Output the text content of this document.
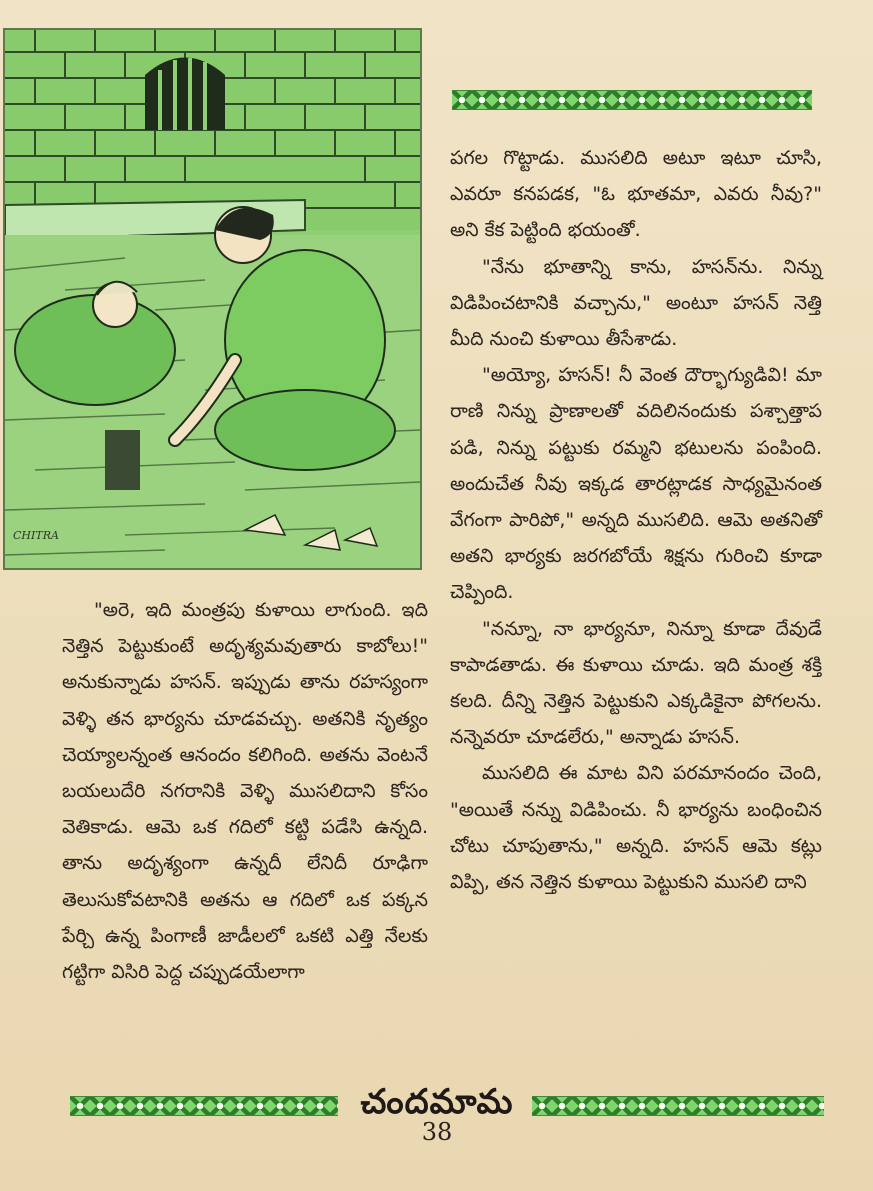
CHITRA

పగల గొట్టాడు. ముసలిది అటూ ఇటూ చూసి, ఎవరూ కనపడక, "ఓ భూతమా, ఎవరు నీవు?" అని కేక పెట్టింది భయంతో.

"నేను భూతాన్ని కాను, హసన్‌ను. నిన్ను విడిపించటానికి వచ్చాను," అంటూ హసన్ నెత్తి మీది నుంచి కుళాయి తీసేశాడు.

"అయ్యో, హసన్! నీ వెంత దౌర్భాగ్యుడివి! మా రాణి నిన్ను ప్రాణాలతో వదిలినందుకు పశ్చాత్తాప పడి, నిన్ను పట్టుకు రమ్మని భటులను పంపింది. అందుచేత నీవు ఇక్కడ తారట్లాడక సాధ్యమైనంత వేగంగా పారిపో," అన్నది ముసలిది. ఆమె అతనితో అతని భార్యకు జరగబోయే శిక్షను గురించి కూడా చెప్పింది.

"నన్నూ, నా భార్యనూ, నిన్నూ కూడా దేవుడే కాపాడతాడు. ఈ కుళాయి చూడు. ఇది మంత్ర శక్తి కలది. దీన్ని నెత్తిన పెట్టుకుని ఎక్కడికైనా పోగలను. నన్నెవరూ చూడలేరు," అన్నాడు హసన్.

ముసలిది ఈ మాట విని పరమానందం చెంది, "అయితే నన్ను విడిపించు. నీ భార్యను బంధించిన చోటు చూపుతాను," అన్నది. హసన్ ఆమె కట్లు విప్పి, తన నెత్తిన కుళాయి పెట్టుకుని ముసలి దాని

"అరె, ఇది మంత్రపు కుళాయి లాగుంది. ఇది నెత్తిన పెట్టుకుంటే అదృశ్యమవుతారు కాబోలు!" అనుకున్నాడు హసన్. ఇప్పుడు తాను రహస్యంగా వెళ్ళి తన భార్యను చూడవచ్చు. అతనికి నృత్యం చెయ్యాలన్నంత ఆనందం కలిగింది. అతను వెంటనే బయలుదేరి నగరానికి వెళ్ళి ముసలిదాని కోసం వెతికాడు. ఆమె ఒక గదిలో కట్టి పడేసి ఉన్నది. తాను అదృశ్యంగా ఉన్నదీ లేనిదీ రూఢిగా తెలుసుకోవటానికి అతను ఆ గదిలో ఒక పక్కన పేర్చి ఉన్న పింగాణీ జాడీలలో ఒకటి ఎత్తి నేలకు గట్టిగా విసిరి పెద్ద చప్పుడయేలాగా

చందమామ
38
